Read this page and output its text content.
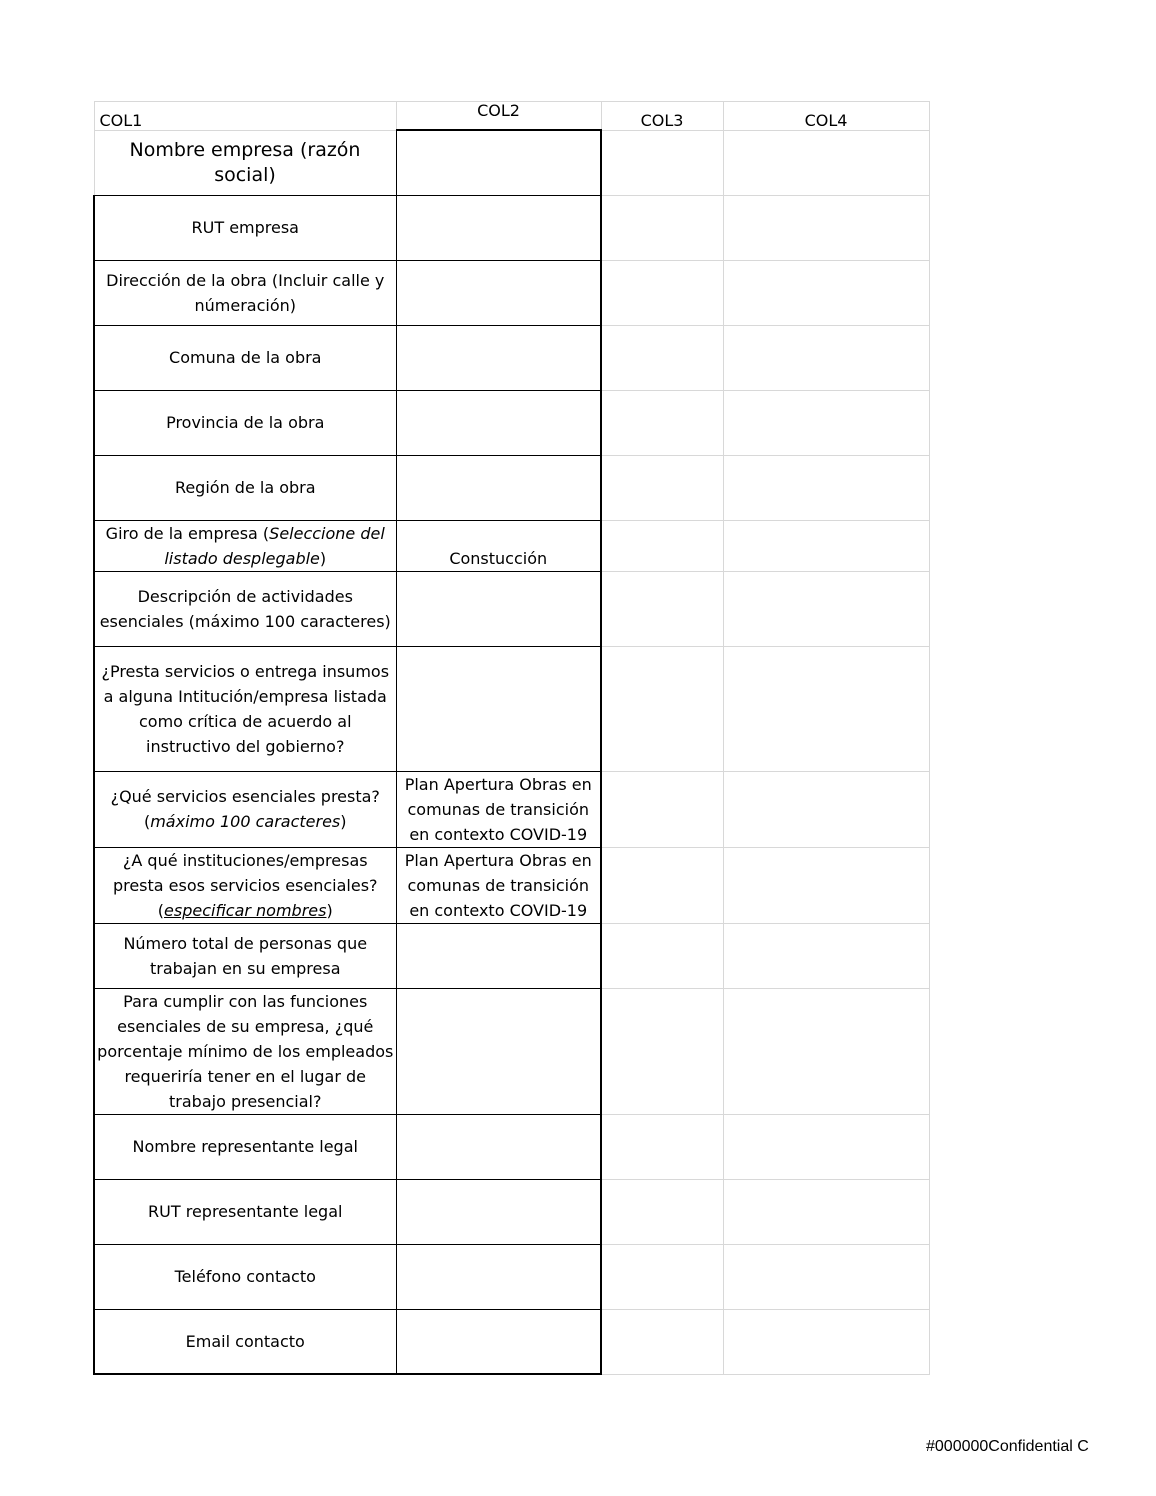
COL1	COL2	COL3	COL4
Nombre empresa (razón social)			
RUT empresa			
Dirección de la obra (Incluir calle y númeración)			
Comuna de la obra			
Provincia de la obra			
Región de la obra			
Giro de la empresa (Seleccione del listado desplegable)	Constucción		
Descripción de actividades esenciales (máximo 100 caracteres)			
¿Presta servicios o entrega insumos a alguna Intitución/empresa listada como crítica de acuerdo al instructivo del gobierno?			
¿Qué servicios esenciales presta? (máximo 100 caracteres)	Plan Apertura Obras en comunas de transición en contexto COVID-19		
¿A qué instituciones/empresas presta esos servicios esenciales? (especificar nombres)	Plan Apertura Obras en comunas de transición en contexto COVID-19		
Número total de personas que trabajan en su empresa			
Para cumplir con las funciones esenciales de su empresa, ¿qué porcentaje mínimo de los empleados requeriría tener en el lugar de trabajo presencial?			
Nombre representante legal			
RUT representante legal			
Teléfono contacto			
Email contacto			
#000000Confidential C
